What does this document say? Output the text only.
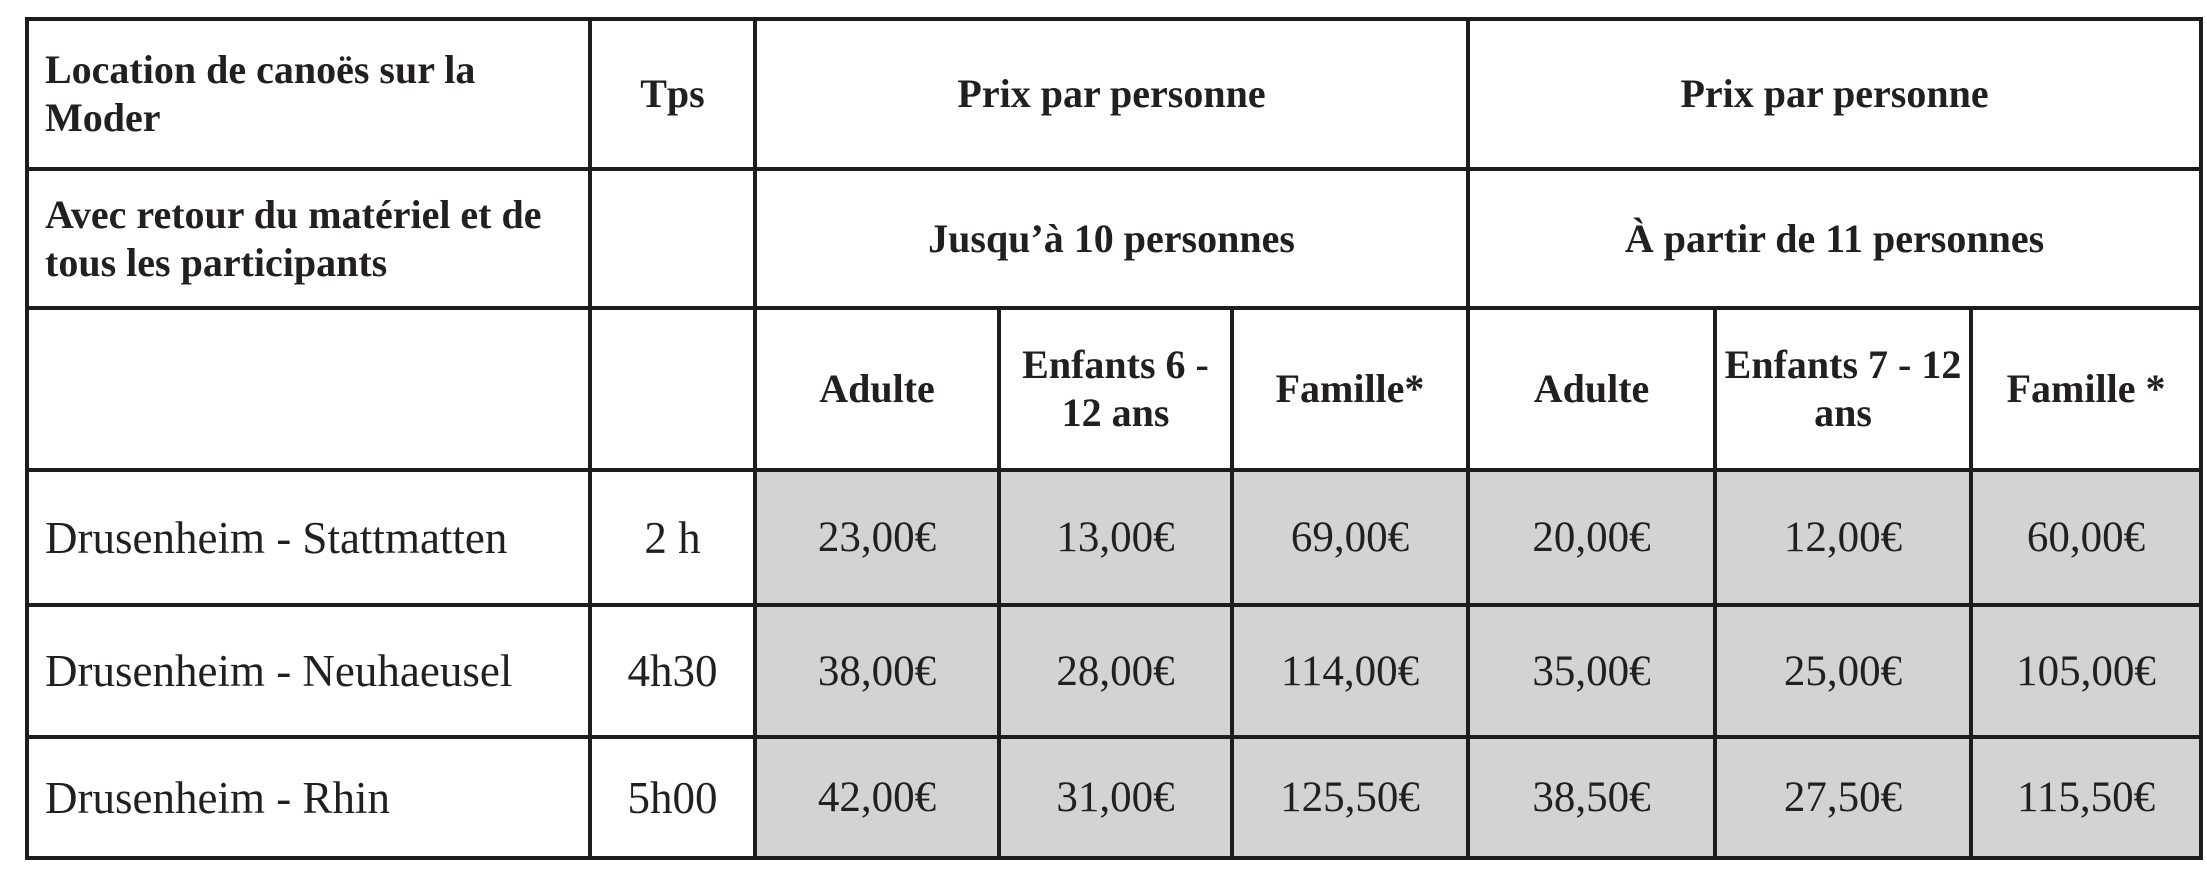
Location de canoës sur la Moder	Tps	Prix par personne			Prix par personne		
Avec retour du matériel et de tous les participants		Jusqu’à 10 personnes			À partir de 11 personnes		
		Adulte	Enfants 6 - 12 ans	Famille*	Adulte	Enfants 7 - 12 ans	Famille *
Drusenheim - Stattmatten	2 h	23,00€	13,00€	69,00€	20,00€	12,00€	60,00€
Drusenheim - Neuhaeusel	4h30	38,00€	28,00€	114,00€	35,00€	25,00€	105,00€
Drusenheim - Rhin	5h00	42,00€	31,00€	125,50€	38,50€	27,50€	115,50€
